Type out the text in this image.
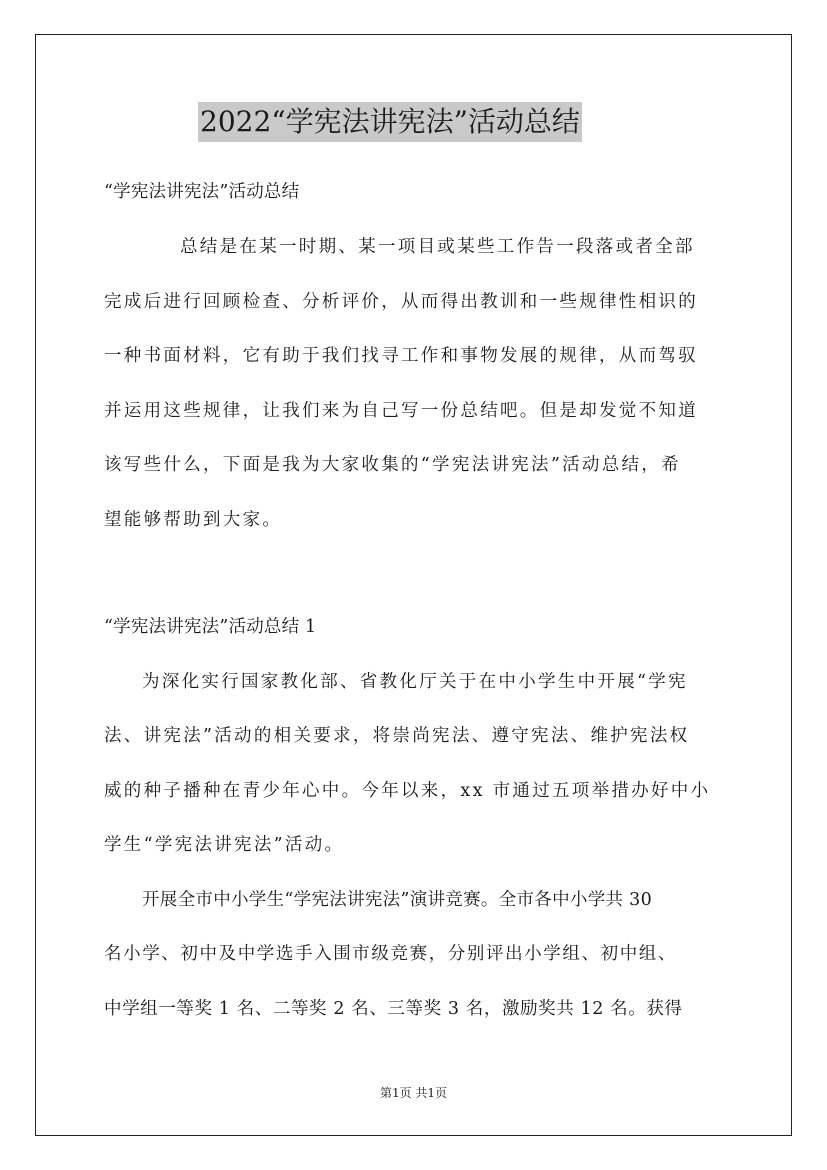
2022“学宪法讲宪法”活动总结
“学宪法讲宪法”活动总结
总结是在某一时期、某一项目或某些工作告一段落或者全部
完成后进行回顾检查、分析评价，从而得出教训和一些规律性相识的
一种书面材料，它有助于我们找寻工作和事物发展的规律，从而驾驭
并运用这些规律，让我们来为自己写一份总结吧。但是却发觉不知道
该写些什么，下面是我为大家收集的“学宪法讲宪法”活动总结，希
望能够帮助到大家。
“学宪法讲宪法”活动总结 1
为深化实行国家教化部、省教化厅关于在中小学生中开展“学宪
法、讲宪法”活动的相关要求，将崇尚宪法、遵守宪法、维护宪法权
威的种子播种在青少年心中。今年以来，xx 市通过五项举措办好中小
学生“学宪法讲宪法”活动。
开展全市中小学生“学宪法讲宪法”演讲竞赛。全市各中小学共 30
名小学、初中及中学选手入围市级竞赛，分别评出小学组、初中组、
中学组一等奖 1 名、二等奖 2 名、三等奖 3 名，激励奖共 12 名。获得
第1页 共1页
